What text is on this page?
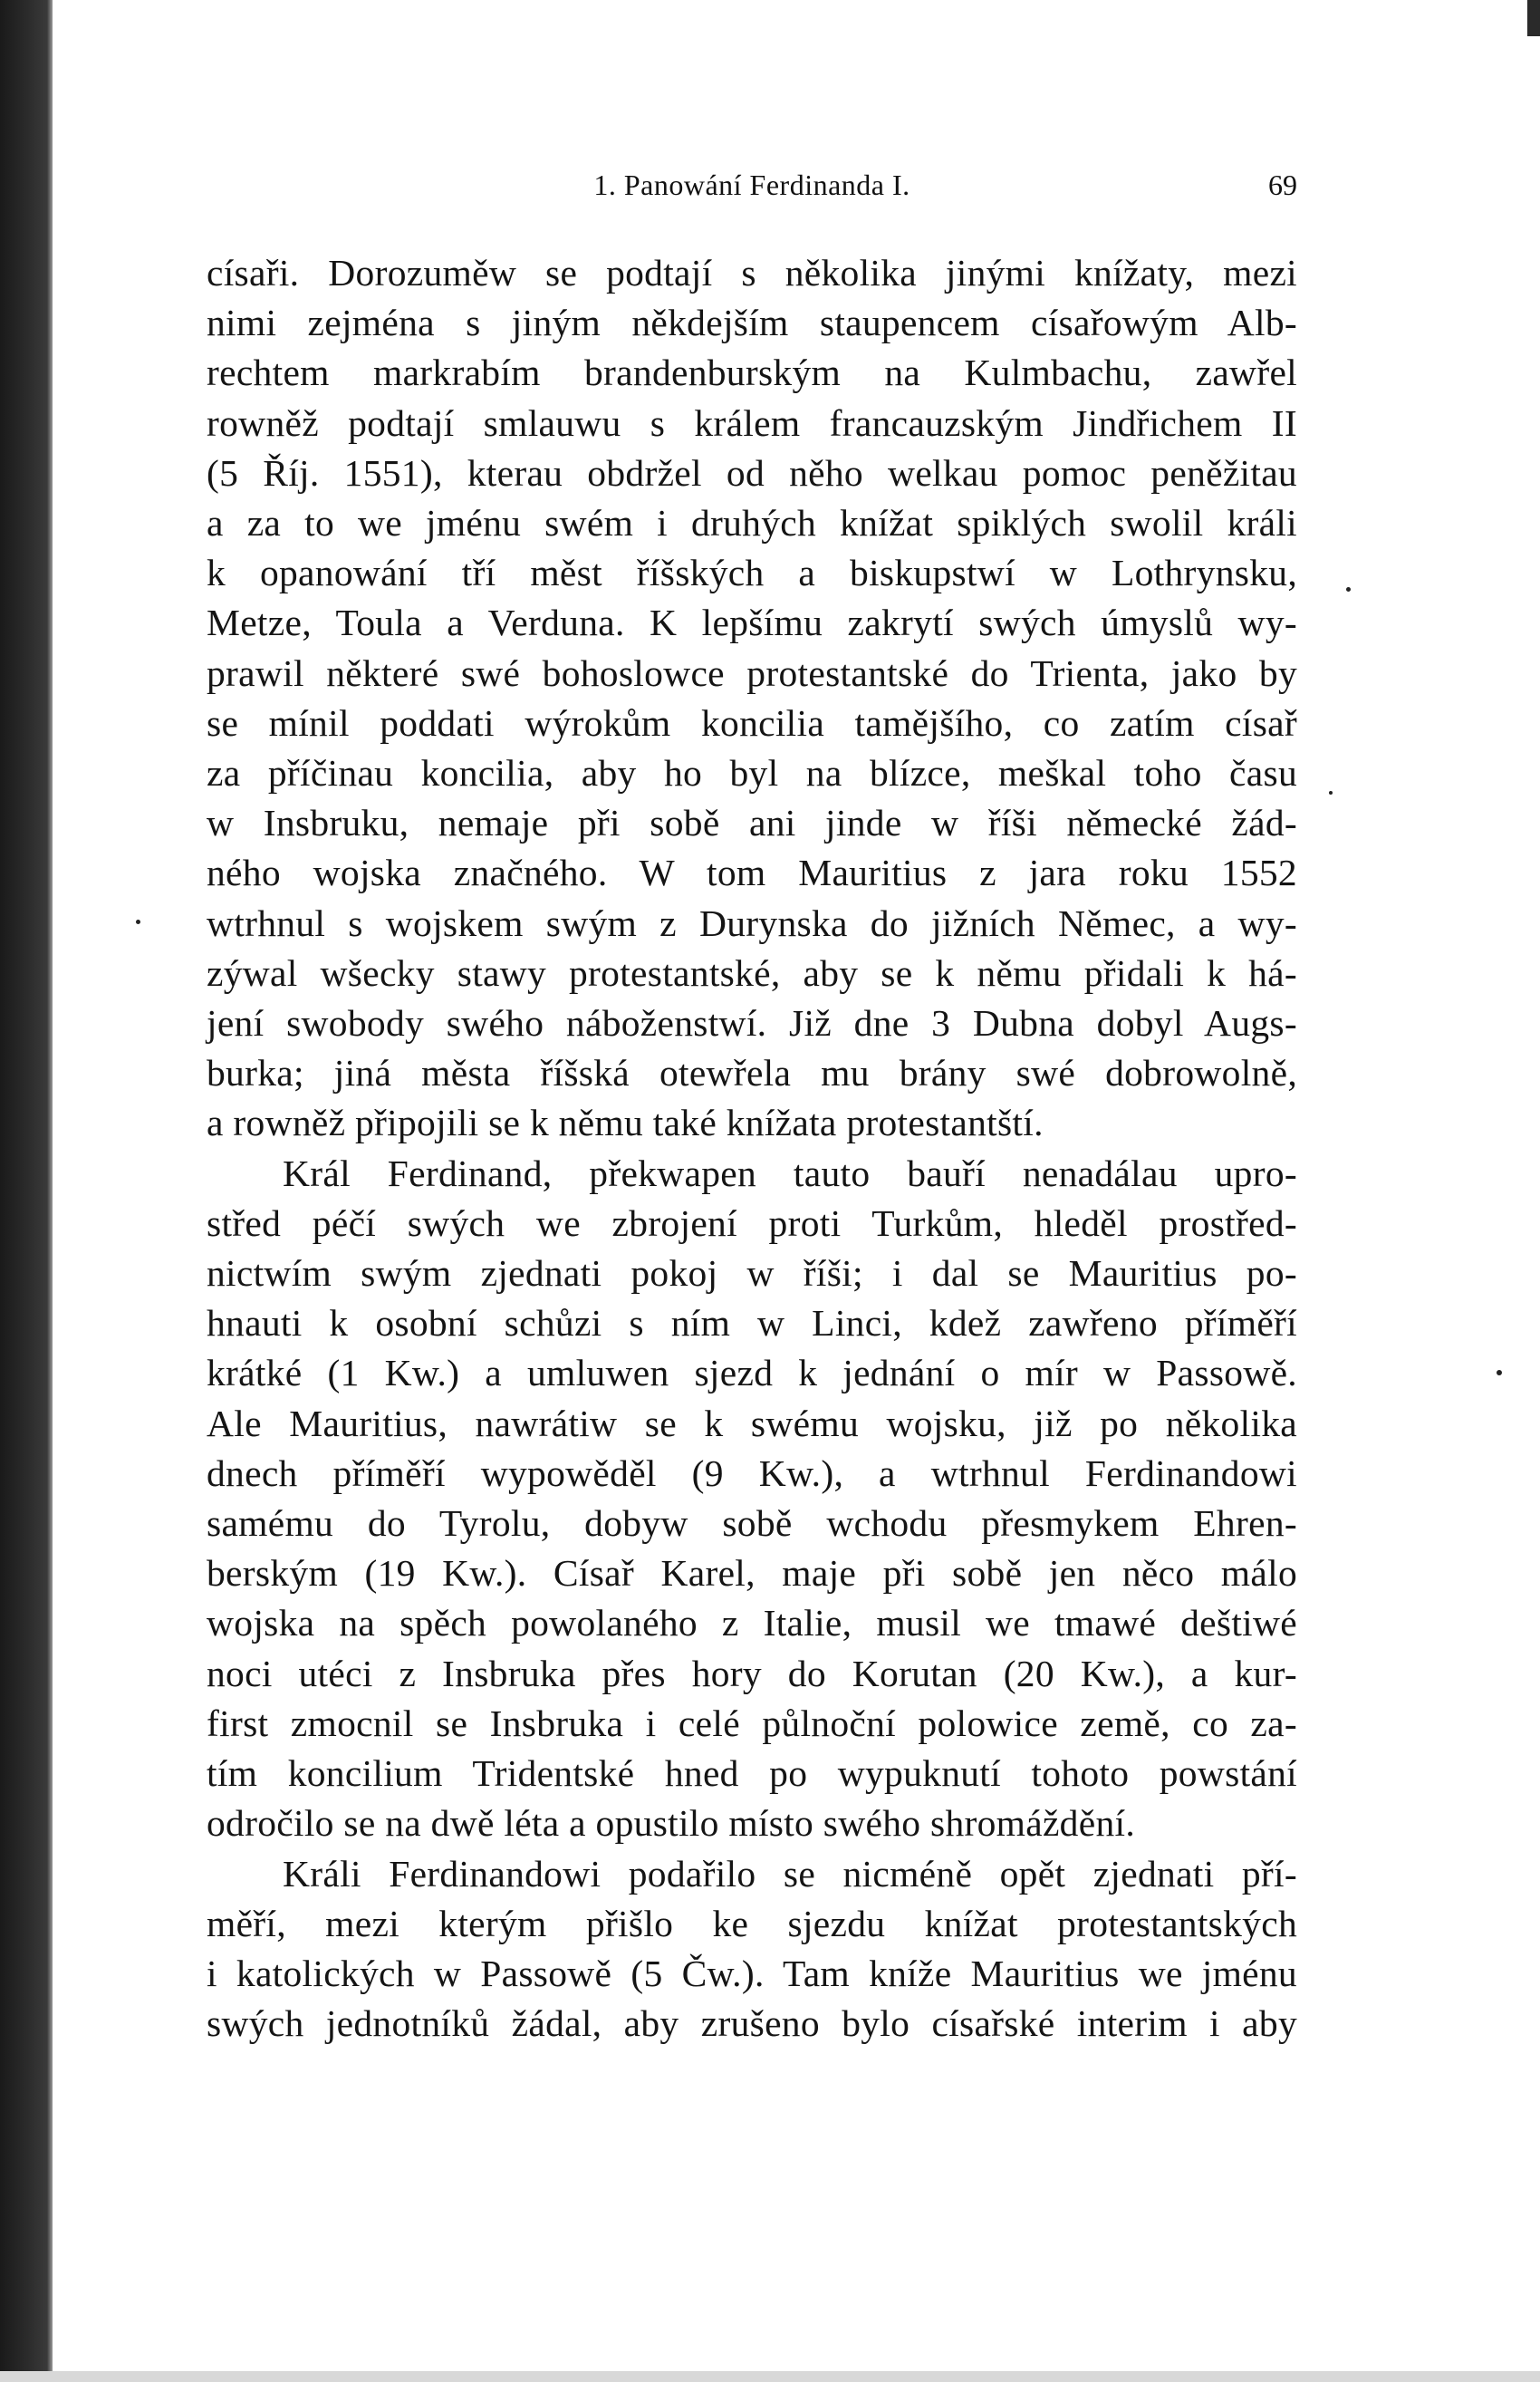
1. Panowání Ferdinanda I.	69
císaři. Dorozuměw se podtají s několika jinými knížaty, mezi
nimi zejména s jiným někdejším staupencem císařowým Alb-
rechtem markrabím brandenburským na Kulmbachu, zawřel
rowněž podtají smlauwu s králem francauzským Jindřichem II
(5 Říj. 1551), kterau obdržel od něho welkau pomoc peněžitau
a za to we jménu swém i druhých knížat spiklých swolil králi
k opanowání tří měst říšských a biskupstwí w Lothrynsku,
Metze, Toula a Verduna. K lepšímu zakrytí swých úmyslů wy-
prawil některé swé bohoslowce protestantské do Trienta, jako by
se mínil poddati wýrokům koncilia tamějšího, co zatím císař
za příčinau koncilia, aby ho byl na blízce, meškal toho času
w Insbruku, nemaje při sobě ani jinde w říši německé žád-
ného wojska značného. W tom Mauritius z jara roku 1552
wtrhnul s wojskem swým z Durynska do jižních Němec, a wy-
zýwal wšecky stawy protestantské, aby se k němu přidali k há-
jení swobody swého náboženstwí. Již dne 3 Dubna dobyl Augs-
burka; jiná města říšská otewřela mu brány swé dobrowolně,
a rowněž připojili se k němu také knížata protestantští.
Král Ferdinand, překwapen tauto bauří nenadálau upro-
střed péčí swých we zbrojení proti Turkům, hleděl prostřed-
nictwím swým zjednati pokoj w říši; i dal se Mauritius po-
hnauti k osobní schůzi s ním w Linci, kdež zawřeno příměří
krátké (1 Kw.) a umluwen sjezd k jednání o mír w Passowě.
Ale Mauritius, nawrátiw se k swému wojsku, již po několika
dnech příměří wypowěděl (9 Kw.), a wtrhnul Ferdinandowi
samému do Tyrolu, dobyw sobě wchodu přesmykem Ehren-
berským (19 Kw.). Císař Karel, maje při sobě jen něco málo
wojska na spěch powolaného z Italie, musil we tmawé deštiwé
noci utéci z Insbruka přes hory do Korutan (20 Kw.), a kur-
first zmocnil se Insbruka i celé půlnoční polowice země, co za-
tím koncilium Tridentské hned po wypuknutí tohoto powstání
odročilo se na dwě léta a opustilo místo swého shromáždění.
Králi Ferdinandowi podařilo se nicméně opět zjednati pří-
měří, mezi kterým přišlo ke sjezdu knížat protestantských
i katolických w Passowě (5 Čw.). Tam kníže Mauritius we jménu
swých jednotníků žádal, aby zrušeno bylo císařské interim i aby
